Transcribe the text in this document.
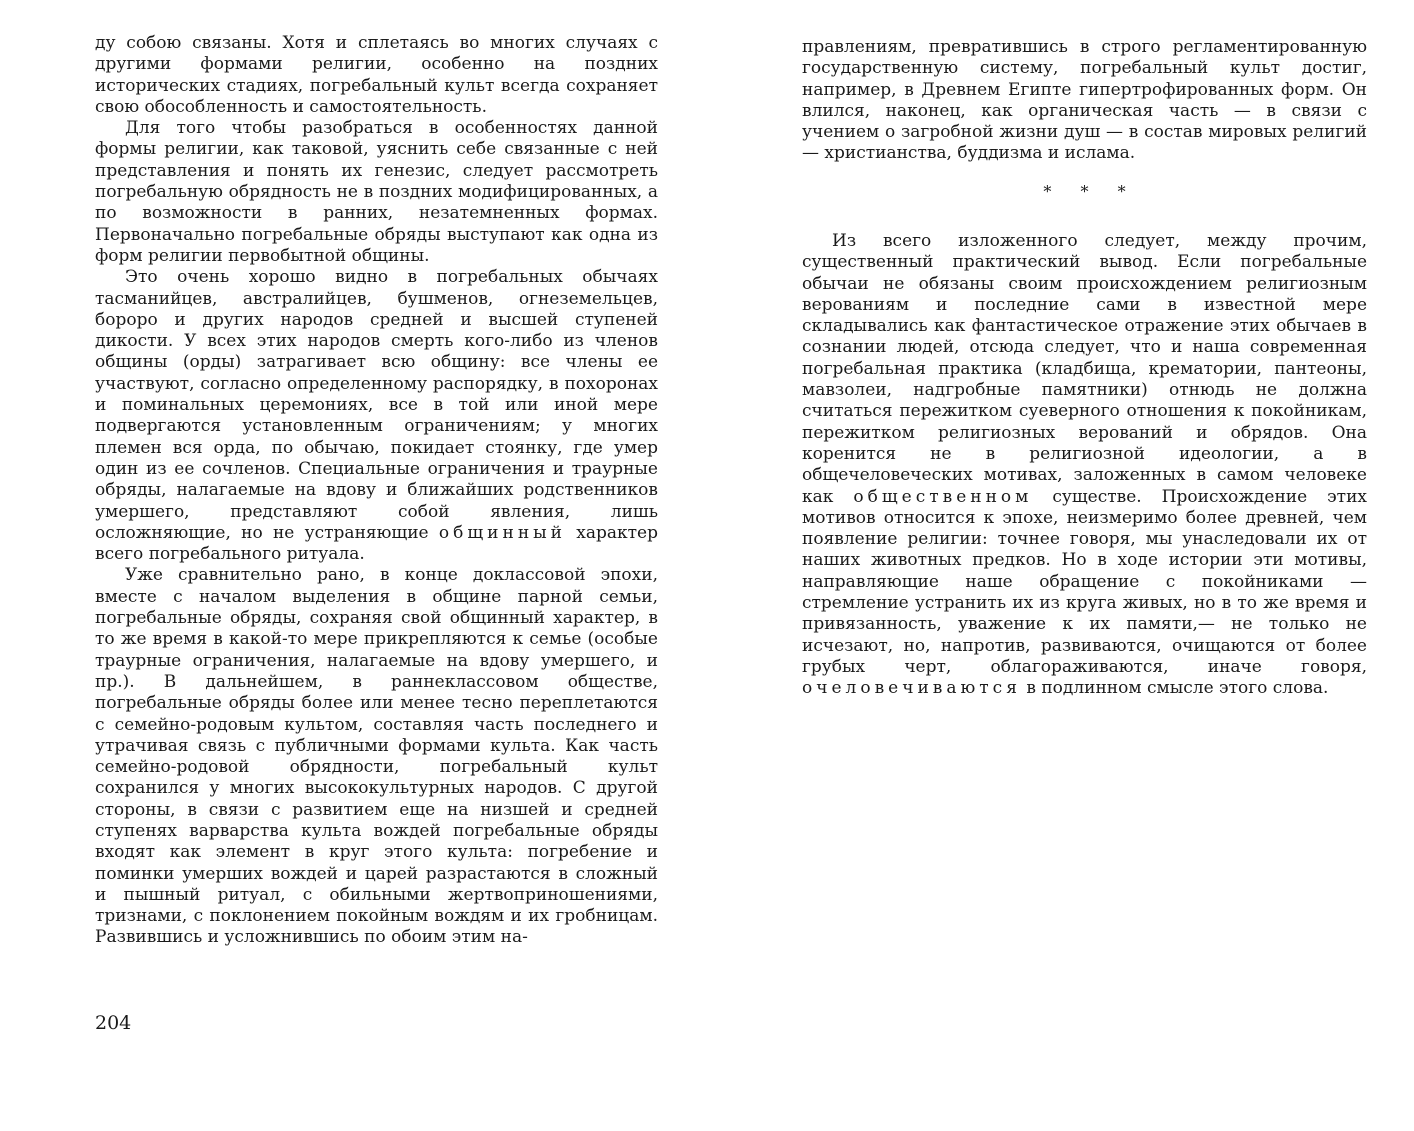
ду собою связаны. Хотя и сплетаясь во многих случаях с другими формами религии, особенно на поздних исторических стадиях, погребальный культ всегда сохраняет свою обособленность и самостоятельность.

Для того чтобы разобраться в особенностях данной формы религии, как таковой, уяснить себе связанные с ней представления и понять их генезис, следует рассмотреть погребальную обрядность не в поздних модифицированных, а по возможности в ранних, незатемненных формах. Первоначально погребальные обряды выступают как одна из форм религии первобытной общины.

Это очень хорошо видно в погребальных обычаях тасманийцев, австралийцев, бушменов, огнеземельцев, бороро и других народов средней и высшей ступеней дикости. У всех этих народов смерть кого-либо из членов общины (орды) затрагивает всю общину: все члены ее участвуют, согласно определенному распорядку, в похоронах и поминальных церемониях, все в той или иной мере подвергаются установленным ограничениям; у многих племен вся орда, по обычаю, покидает стоянку, где умер один из ее сочленов. Специальные ограничения и траурные обряды, налагаемые на вдову и ближайших родственников умершего, представляют собой явления, лишь осложняющие, но не устраняющие общинный характер всего погребального ритуала.

Уже сравнительно рано, в конце доклассовой эпохи, вместе с началом выделения в общине парной семьи, погребальные обряды, сохраняя свой общинный характер, в то же время в какой-то мере прикрепляются к семье (особые траурные ограничения, налагаемые на вдову умершего, и пр.). В дальнейшем, в раннеклассовом обществе, погребальные обряды более или менее тесно переплетаются с семейно-родовым культом, составляя часть последнего и утрачивая связь с публичными формами культа. Как часть семейно-родовой обрядности, погребальный культ сохранился у многих высококультурных народов. С другой стороны, в связи с развитием еще на низшей и средней ступенях варварства культа вождей погребальные обряды входят как элемент в круг этого культа: погребение и поминки умерших вождей и царей разрастаются в сложный и пышный ритуал, с обильными жертвоприношениями, тризнами, с поклонением покойным вождям и их гробницам. Развившись и усложнившись по обоим этим на-

204

правлениям, превратившись в строго регламентированную государственную систему, погребальный культ достиг, например, в Древнем Египте гипертрофированных форм. Он влился, наконец, как органическая часть — в связи с учением о загробной жизни душ — в состав мировых религий — христианства, буддизма и ислама.

* * *

Из всего изложенного следует, между прочим, существенный практический вывод. Если погребальные обычаи не обязаны своим происхождением религиозным верованиям и последние сами в известной мере складывались как фантастическое отражение этих обычаев в сознании людей, отсюда следует, что и наша современная погребальная практика (кладбища, крематории, пантеоны, мавзолеи, надгробные памятники) отнюдь не должна считаться пережитком суеверного отношения к покойникам, пережитком религиозных верований и обрядов. Она коренится не в религиозной идеологии, а в общечеловеческих мотивах, заложенных в самом человеке как общественном существе. Происхождение этих мотивов относится к эпохе, неизмеримо более древней, чем появление религии: точнее говоря, мы унаследовали их от наших животных предков. Но в ходе истории эти мотивы, направляющие наше обращение с покойниками — стремление устранить их из круга живых, но в то же время и привязанность, уважение к их памяти,— не только не исчезают, но, напротив, развиваются, очищаются от более грубых черт, облагораживаются, иначе говоря, очеловечиваются в подлинном смысле этого слова.
